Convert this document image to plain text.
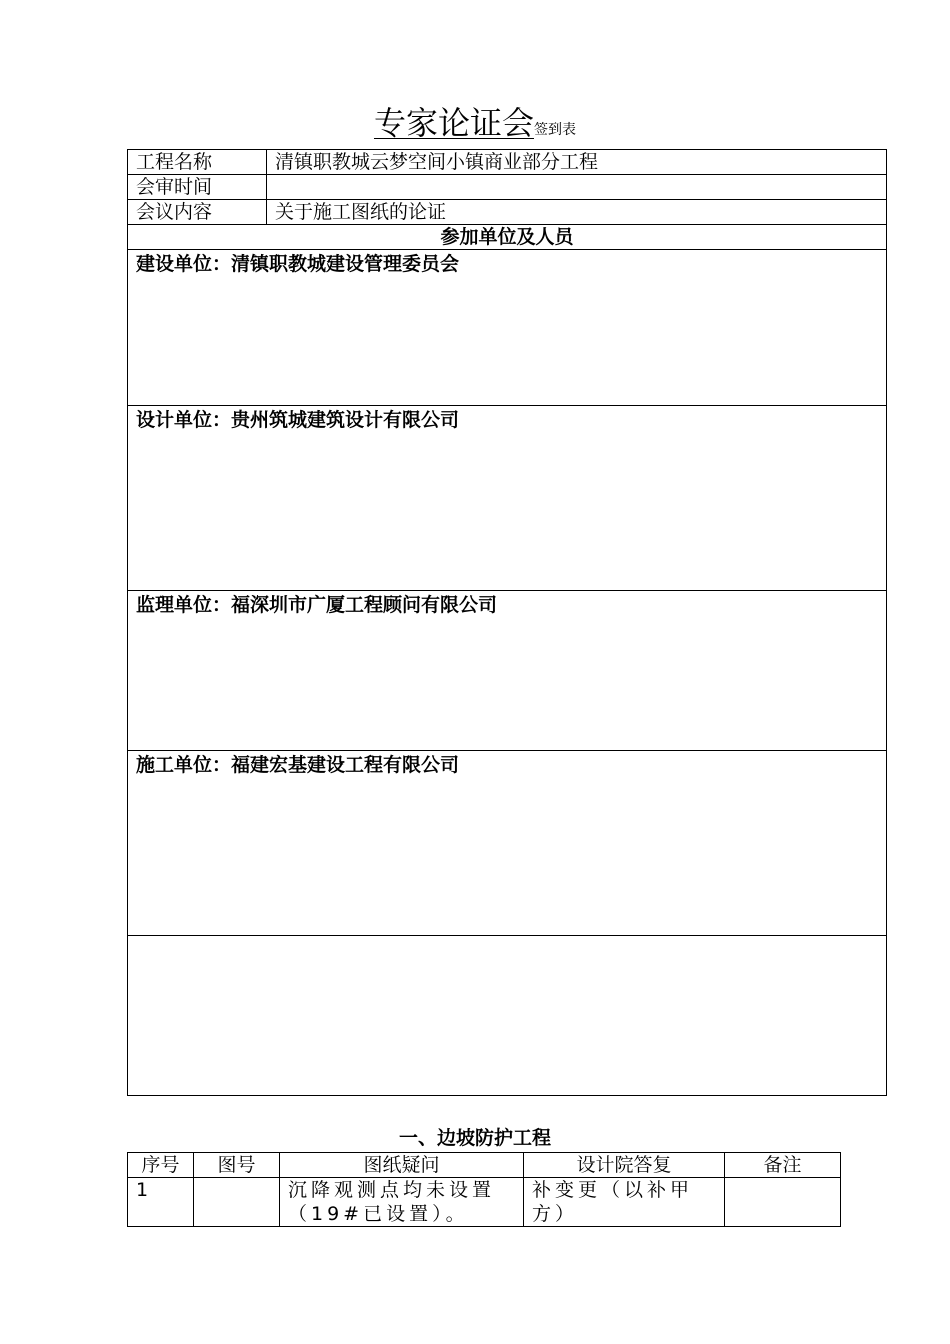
专家论证会签到表
工程名称	清镇职教城云梦空间小镇商业部分工程
会审时间	
会议内容	关于施工图纸的论证
参加单位及人员	
建设单位：清镇职教城建设管理委员会	
设计单位：贵州筑城建筑设计有限公司	
监理单位：福深圳市广厦工程顾问有限公司	
施工单位：福建宏基建设工程有限公司	

一、边坡防护工程
序号	图号	图纸疑问	设计院答复	备注
1		沉降观测点均未设置（19#已设置）。	补变更（以补甲方）	
